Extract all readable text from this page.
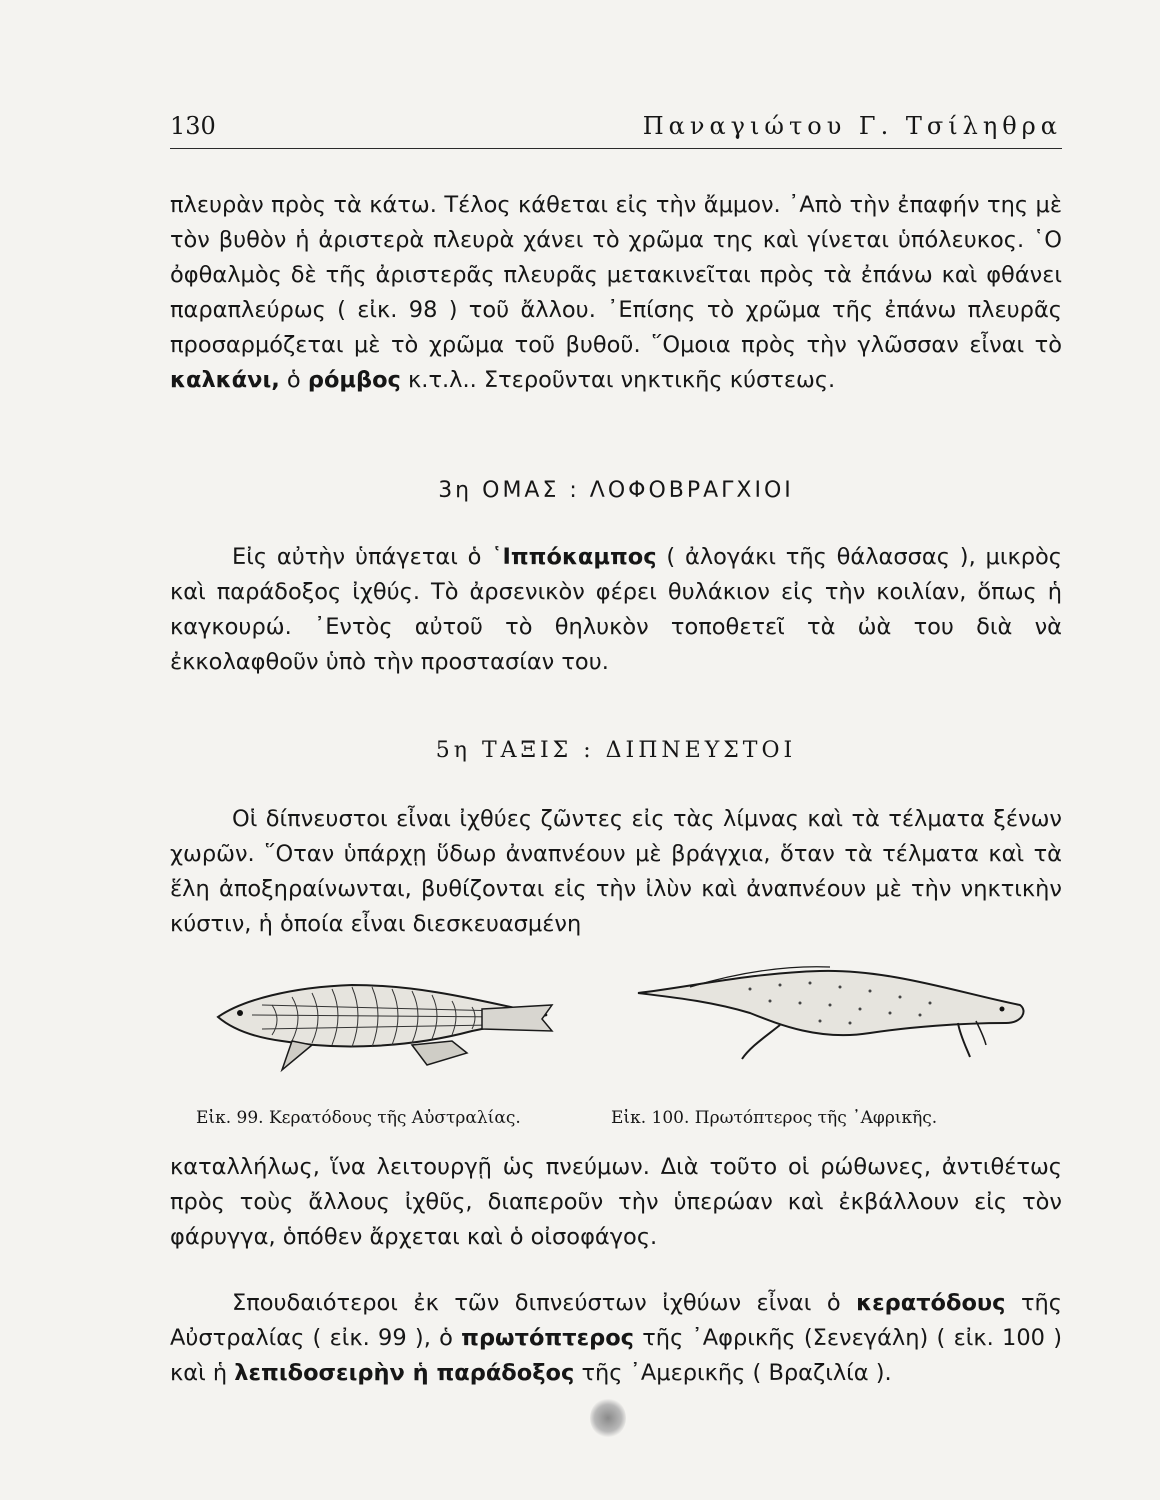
130	Παναγιώτου Γ. Τσίληθρα

πλευρὰν πρὸς τὰ κάτω. Τέλος κάθεται εἰς τὴν ἄμμον. ᾿Απὸ τὴν ἐπαφήν της μὲ τὸν βυθὸν ἡ ἀριστερὰ πλευρὰ χάνει τὸ χρῶμα της καὶ γίνεται ὑπόλευκος. ῾Ο ὀφθαλμὸς δὲ τῆς ἀριστερᾶς πλευρᾶς μετακινεῖται πρὸς τὰ ἐπάνω καὶ φθάνει παραπλεύρως ( εἰκ. 98 ) τοῦ ἄλλου. ᾿Επίσης τὸ χρῶμα τῆς ἐπάνω πλευρᾶς προσαρμόζεται μὲ τὸ χρῶμα τοῦ βυθοῦ. ῞Ομοια πρὸς τὴν γλῶσσαν εἶναι τὸ καλκάνι, ὁ ρόμβος κ.τ.λ.. Στεροῦνται νηκτικῆς κύστεως.

3η ΟΜΑΣ : ΛΟΦΟΒΡΑΓΧΙΟΙ

Εἰς αὐτὴν ὑπάγεται ὁ ῾Ιππόκαμπος ( ἀλογάκι τῆς θάλασσας ), μικρὸς καὶ παράδοξος ἰχθύς. Τὸ ἀρσενικὸν φέρει θυλάκιον εἰς τὴν κοιλίαν, ὅπως ἡ καγκουρώ. ᾿Εντὸς αὐτοῦ τὸ θηλυκὸν τοποθετεῖ τὰ ὠὰ του διὰ νὰ ἐκκολαφθοῦν ὑπὸ τὴν προστασίαν του.

5η ΤΑΞΙΣ : ΔΙΠΝΕΥΣΤΟΙ

Οἱ δίπνευστοι εἶναι ἰχθύες ζῶντες εἰς τὰς λίμνας καὶ τὰ τέλματα ξένων χωρῶν. ῞Οταν ὑπάρχῃ ὕδωρ ἀναπνέουν μὲ βράγχια, ὅταν τὰ τέλματα καὶ τὰ ἕλη ἀποξηραίνωνται, βυθίζονται εἰς τὴν ἰλὺν καὶ ἀναπνέουν μὲ τὴν νηκτικὴν κύστιν, ἡ ὁποία εἶναι διεσκευασμένη

Εἰκ. 99. Κερατόδους τῆς Αὐστραλίας.	Εἰκ. 100. Πρωτόπτερος τῆς ᾿Αφρικῆς.

καταλλήλως, ἵνα λειτουργῇ ὡς πνεύμων. Διὰ τοῦτο οἱ ρώθωνες, ἀντιθέτως πρὸς τοὺς ἄλλους ἰχθῦς, διαπεροῦν τὴν ὑπερώαν καὶ ἐκβάλλουν εἰς τὸν φάρυγγα, ὁπόθεν ἄρχεται καὶ ὁ οἰσοφάγος.

Σπουδαιότεροι ἐκ τῶν διπνεύστων ἰχθύων εἶναι ὁ κερατόδους τῆς Αὐστραλίας ( εἰκ. 99 ), ὁ πρωτόπτερος τῆς ᾿Αφρικῆς (Σενεγάλη) ( εἰκ. 100 ) καὶ ἡ λεπιδοσειρὴν ἡ παράδοξος τῆς ᾿Αμερικῆς ( Βραζιλία ).
